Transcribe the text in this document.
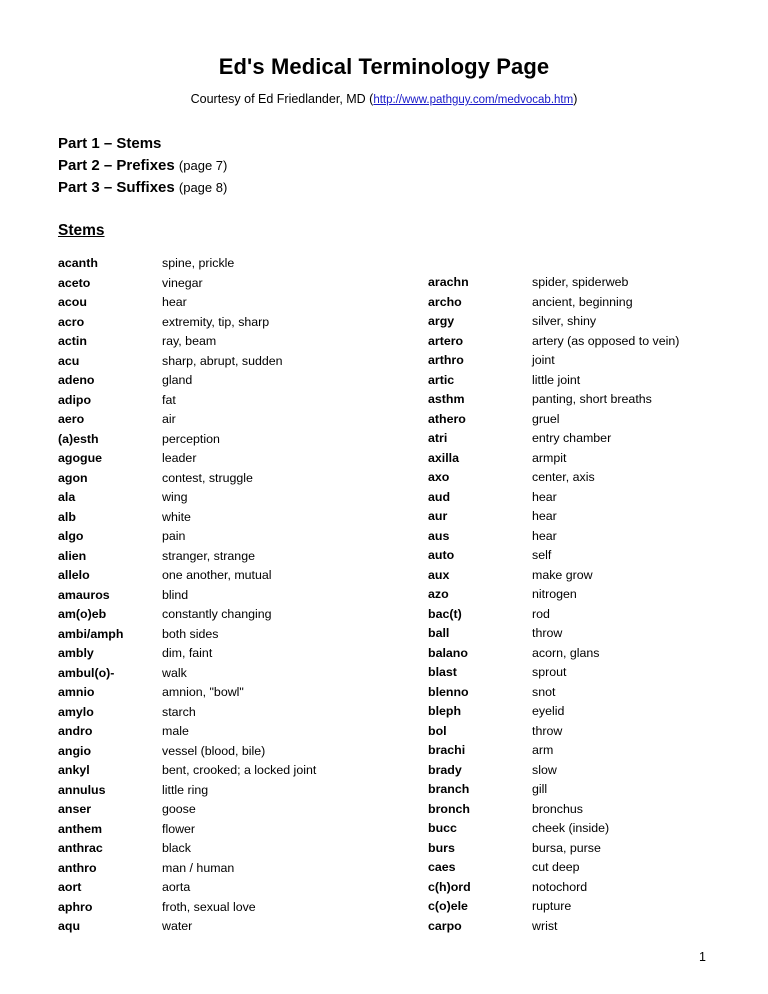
Ed's Medical Terminology Page
Courtesy of Ed Friedlander, MD (http://www.pathguy.com/medvocab.htm)
Part 1 – Stems
Part 2 – Prefixes (page 7)
Part 3 – Suffixes (page 8)
Stems
acanth	spine, prickle
aceto	vinegar
acou	hear
acro	extremity, tip, sharp
actin	ray, beam
acu	sharp, abrupt, sudden
adeno	gland
adipo	fat
aero	air
(a)esth	perception
agogue	leader
agon	contest, struggle
ala	wing
alb	white
algo	pain
alien	stranger, strange
allelo	one another, mutual
amauros	blind
am(o)eb	constantly changing
ambi/amph	both sides
ambly	dim, faint
ambul(o)-	walk
amnio	amnion, "bowl"
amylo	starch
andro	male
angio	vessel (blood, bile)
ankyl	bent, crooked; a locked joint
annulus	little ring
anser	goose
anthem	flower
anthrac	black
anthro	man / human
aort	aorta
aphro	froth, sexual love
aqu	water
arachn	spider, spiderweb
archo	ancient, beginning
argy	silver, shiny
artero	artery (as opposed to vein)
arthro	joint
artic	little joint
asthm	panting, short breaths
athero	gruel
atri	entry chamber
axilla	armpit
axo	center, axis
aud	hear
aur	hear
aus	hear
auto	self
aux	make grow
azo	nitrogen
bac(t)	rod
ball	throw
balano	acorn, glans
blast	sprout
blenno	snot
bleph	eyelid
bol	throw
brachi	arm
brady	slow
branch	gill
bronch	bronchus
bucc	cheek (inside)
burs	bursa, purse
caes	cut deep
c(h)ord	notochord
c(o)ele	rupture
carpo	wrist
1
